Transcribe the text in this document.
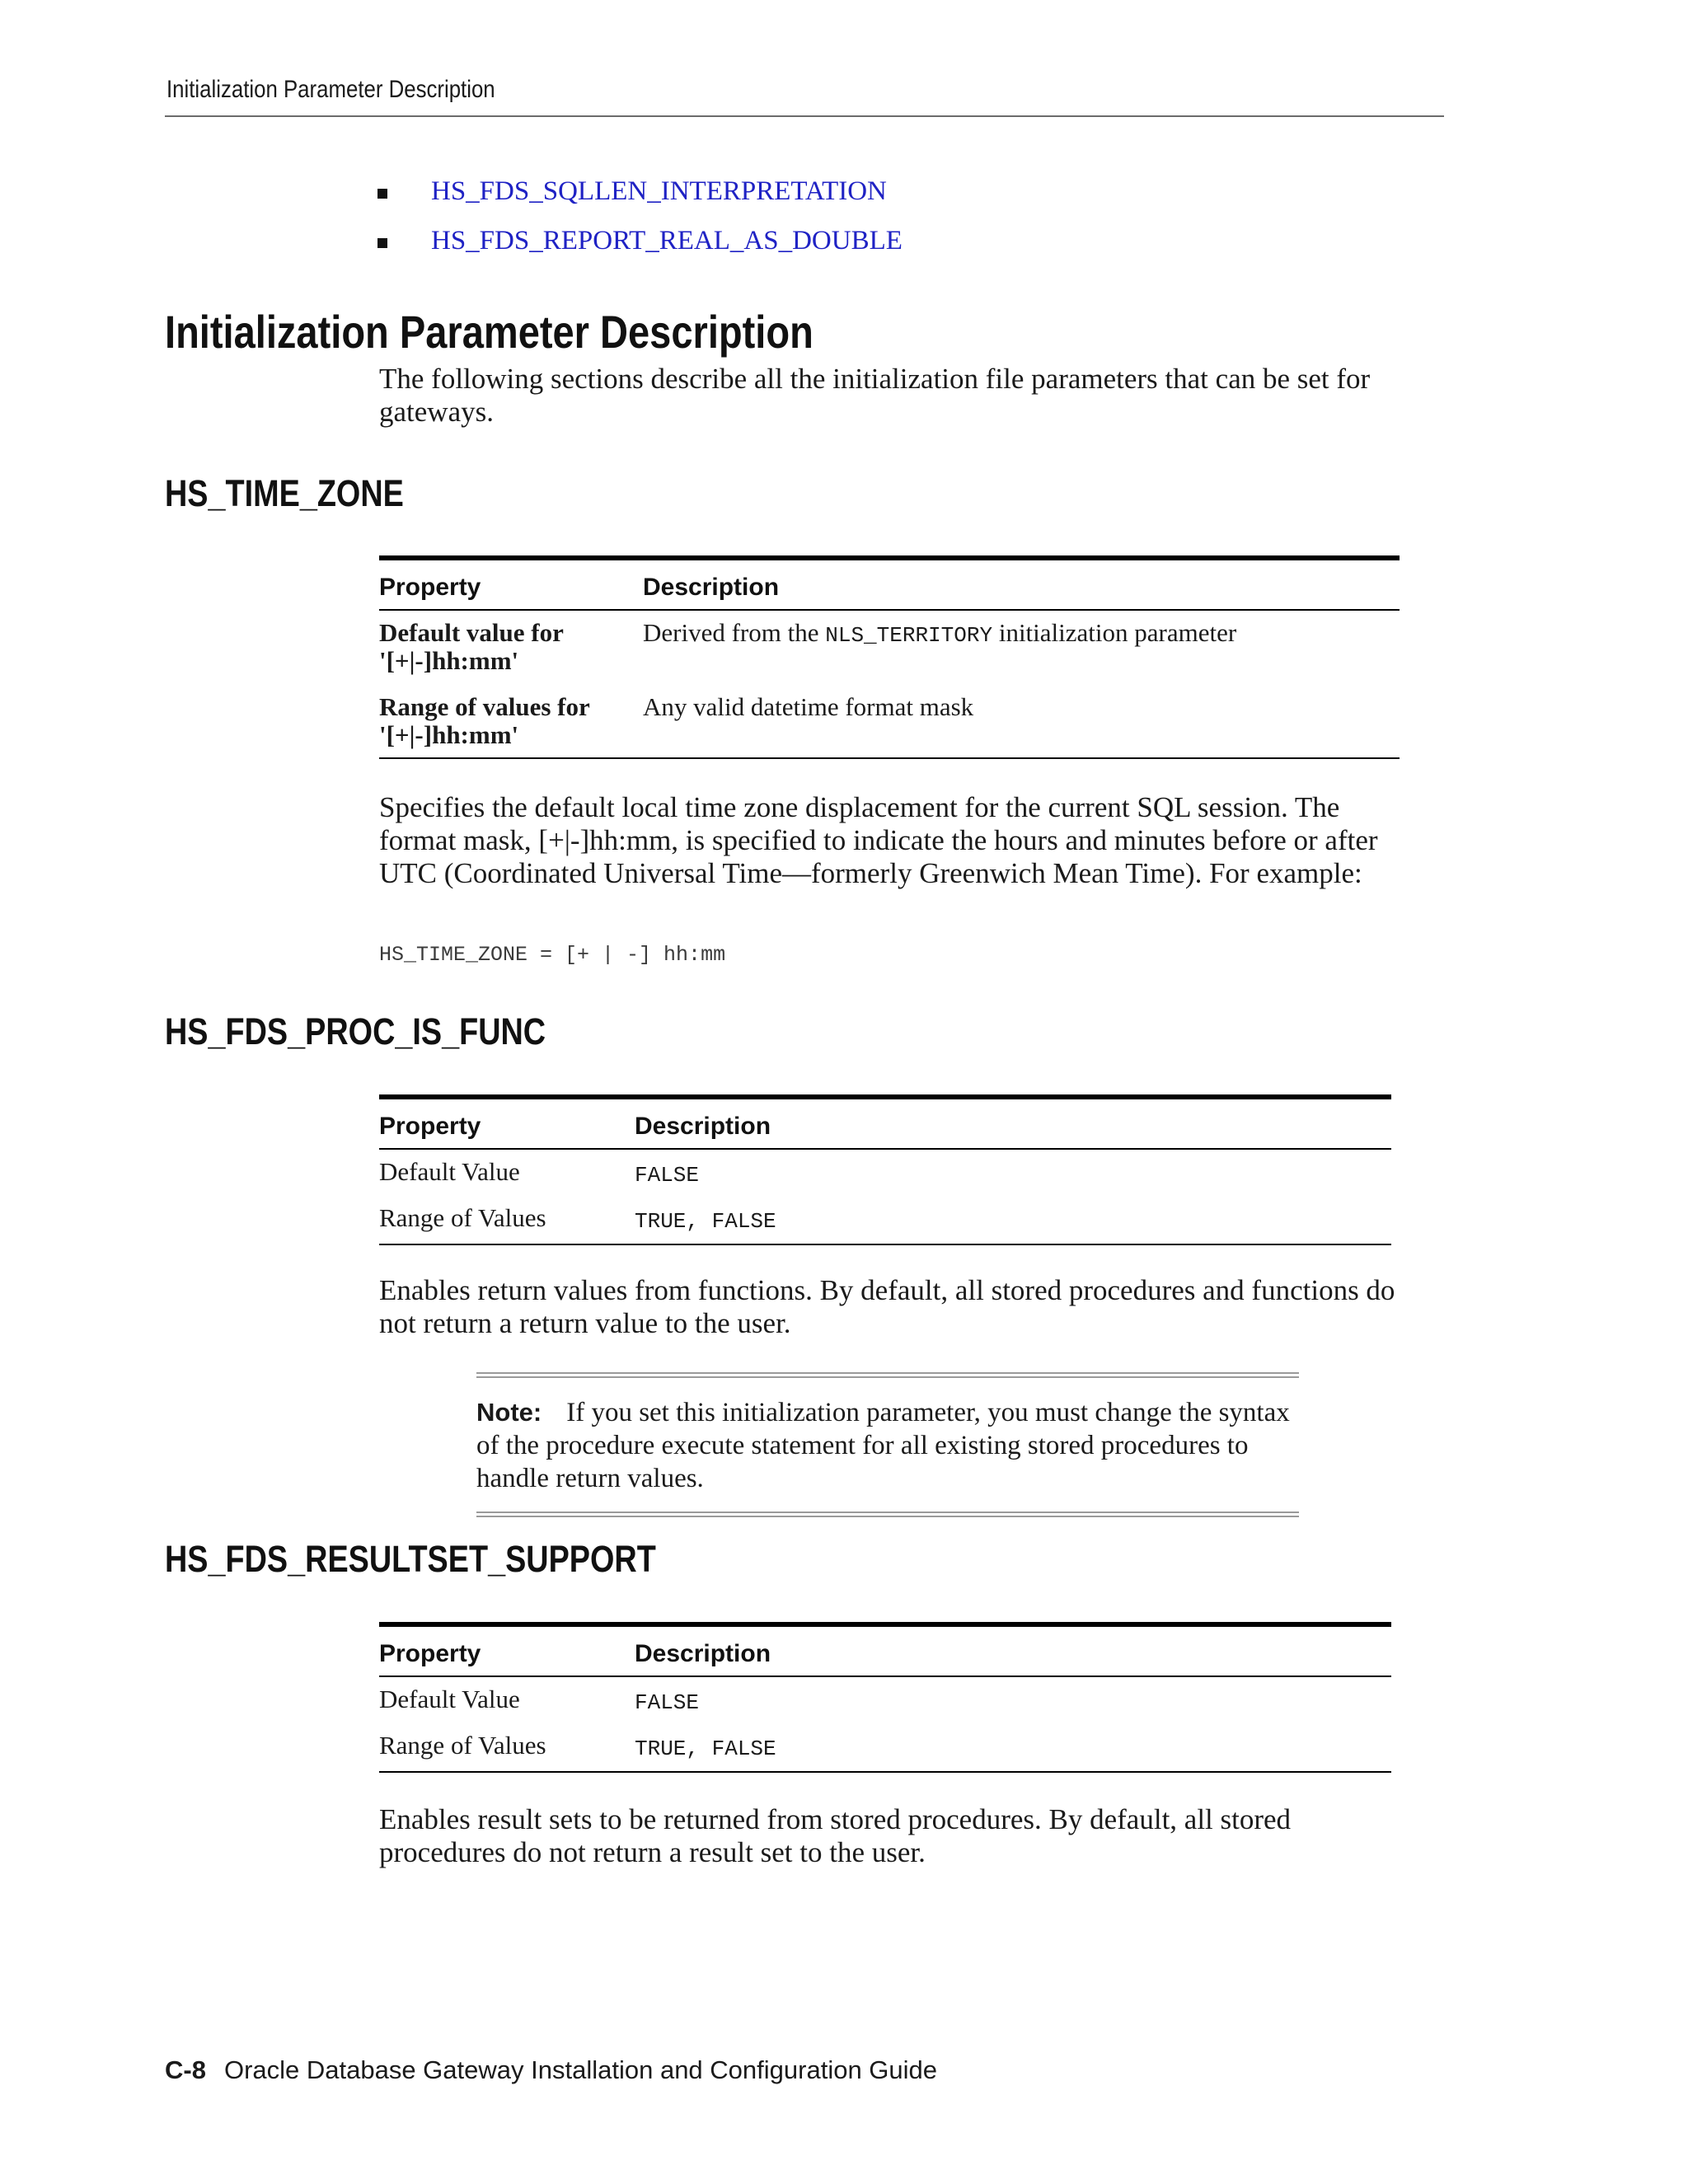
Initialization Parameter Description
HS_FDS_SQLLEN_INTERPRETATION
HS_FDS_REPORT_REAL_AS_DOUBLE
Initialization Parameter Description

The following sections describe all the initialization file parameters that can be set for gateways.

HS_TIME_ZONE
Property	Description
Default value for '[+|-]hh:mm'	Derived from the NLS_TERRITORY initialization parameter
Range of values for '[+|-]hh:mm'	Any valid datetime format mask

Specifies the default local time zone displacement for the current SQL session. The format mask, [+|-]hh:mm, is specified to indicate the hours and minutes before or after UTC (Coordinated Universal Time—formerly Greenwich Mean Time). For example:

HS_TIME_ZONE = [+ | -] hh:mm
HS_FDS_PROC_IS_FUNC
Property	Description
Default Value	FALSE
Range of Values	TRUE, FALSE

Enables return values from functions. By default, all stored procedures and functions do not return a return value to the user.

Note: If you set this initialization parameter, you must change the syntax of the procedure execute statement for all existing stored procedures to handle return values.

HS_FDS_RESULTSET_SUPPORT
Property	Description
Default Value	FALSE
Range of Values	TRUE, FALSE

Enables result sets to be returned from stored procedures. By default, all stored procedures do not return a result set to the user.

C-8 Oracle Database Gateway Installation and Configuration Guide
